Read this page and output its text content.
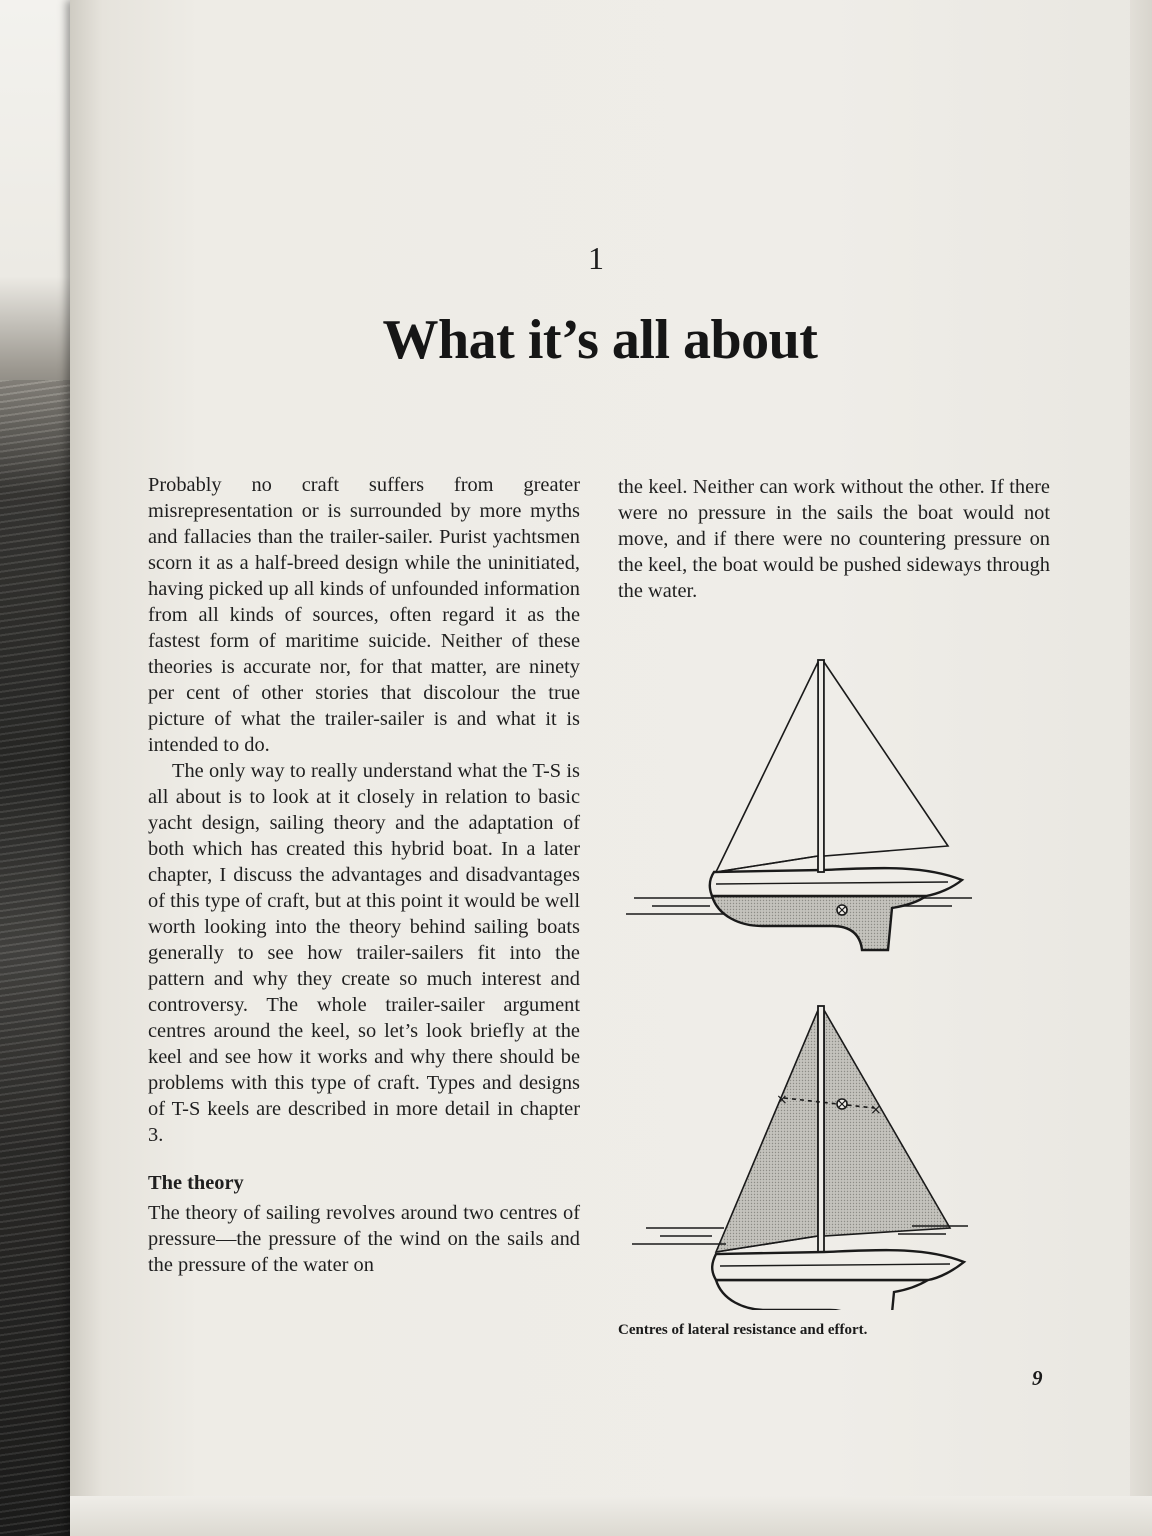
1
What it’s all about

Probably no craft suffers from greater misrepresentation or is surrounded by more myths and fallacies than the trailer-sailer. Purist yachtsmen scorn it as a half-breed design while the uninitiated, having picked up all kinds of unfounded information from all kinds of sources, often regard it as the fastest form of maritime suicide. Neither of these theories is accurate nor, for that matter, are ninety per cent of other stories that discolour the true picture of what the trailer-sailer is and what it is intended to do.

The only way to really understand what the T-S is all about is to look at it closely in relation to basic yacht design, sailing theory and the adaptation of both which has created this hybrid boat. In a later chapter, I discuss the advantages and disadvantages of this type of craft, but at this point it would be well worth looking into the theory behind sailing boats generally to see how trailer-sailers fit into the pattern and why they create so much interest and controversy. The whole trailer-sailer argument centres around the keel, so let’s look briefly at the keel and see how it works and why there should be problems with this type of craft. Types and designs of T-S keels are described in more detail in chapter 3.

The theory

The theory of sailing revolves around two centres of pressure—the pressure of the wind on the sails and the pressure of the water on

the keel. Neither can work without the other. If there were no pressure in the sails the boat would not move, and if there were no countering pressure on the keel, the boat would be pushed sideways through the water.

×
×
Centres of lateral resistance and effort.
9
